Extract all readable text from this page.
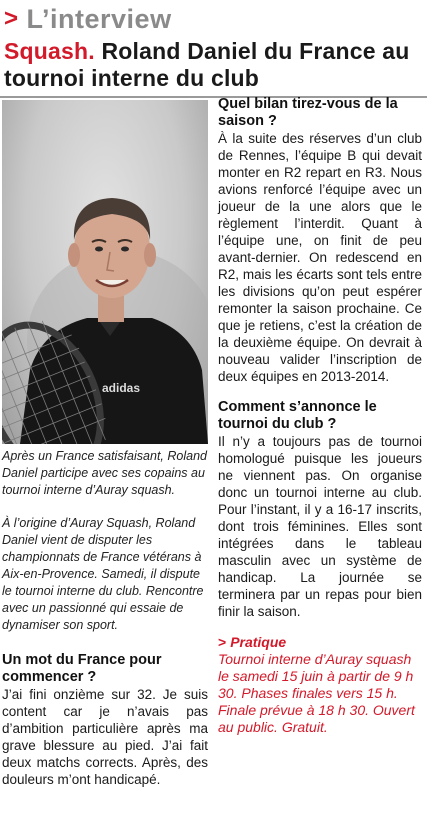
> L’interview
Squash. Roland Daniel du France au tournoi interne du club
adidas
Après un France satisfaisant, Roland Daniel participe avec ses copains au tournoi interne d’Auray squash.
À l’origine d’Auray Squash, Roland Daniel vient de disputer les championnats de France vétérans à Aix-en-Provence. Samedi, il dispute le tournoi interne du club. Rencontre avec un passionné qui essaie de dynamiser son sport.

Un mot du France pour commencer ?

J’ai fini onzième sur 32. Je suis content car je n’avais pas d’ambition particulière après ma grave blessure au pied. J’ai fait deux matchs corrects. Après, des douleurs m’ont handicapé.

Quel bilan tirez-vous de la saison ?

À la suite des réserves d’un club de Rennes, l’équipe B qui devait monter en R2 repart en R3. Nous avions renforcé l’équipe avec un joueur de la une alors que le règlement l’interdit. Quant à l’équipe une, on finit de peu avant-dernier. On redescend en R2, mais les écarts sont tels entre les divisions qu’on peut espérer remonter la saison prochaine. Ce que je retiens, c’est la création de la deuxième équipe. On devrait à nouveau valider l’inscription de deux équipes en 2013-2014.

Comment s’annonce le tournoi du club ?

Il n’y a toujours pas de tournoi homologué puisque les joueurs ne viennent pas. On organise donc un tournoi interne au club. Pour l’instant, il y a 16-17 inscrits, dont trois féminines. Elles sont intégrées dans le tableau masculin avec un système de handicap. La journée se terminera par un repas pour bien finir la saison.

> Pratique
Tournoi interne d’Auray squash le samedi 15 juin à partir de 9 h 30. Phases finales vers 15 h. Finale prévue à 18 h 30. Ouvert au public. Gratuit.
